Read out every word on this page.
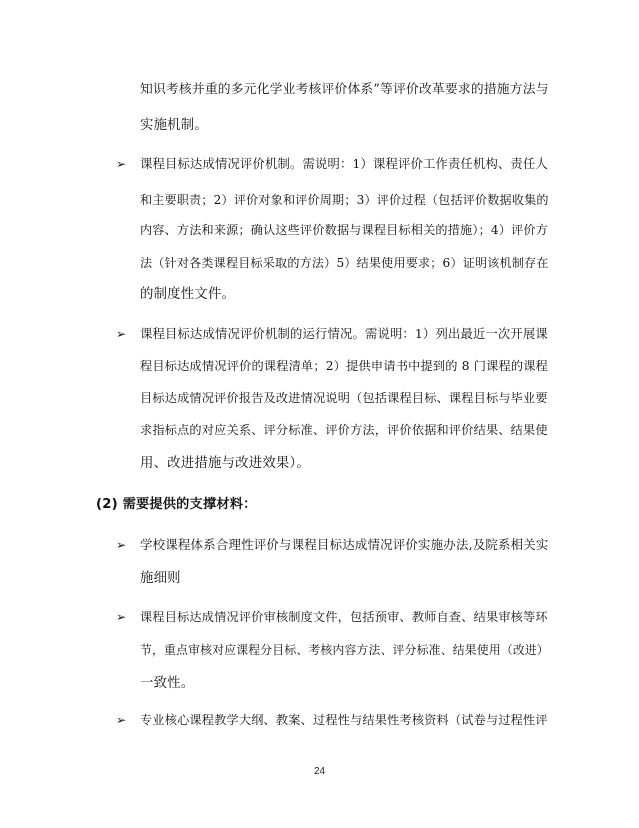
知识考核并重的多元化学业考核评价体系”等评价改革要求的措施方法与
实施机制。
➢ 课程目标达成情况评价机制。需说明：1）课程评价工作责任机构、责任人
和主要职责；2）评价对象和评价周期；3）评价过程（包括评价数据收集的
内容、方法和来源；确认这些评价数据与课程目标相关的措施）；4）评价方
法（针对各类课程目标采取的方法）5）结果使用要求；6）证明该机制存在
的制度性文件。
➢ 课程目标达成情况评价机制的运行情况。需说明：1）列出最近一次开展课
程目标达成情况评价的课程清单；2）提供申请书中提到的 8 门课程的课程
目标达成情况评价报告及改进情况说明（包括课程目标、课程目标与毕业要
求指标点的对应关系、评分标准、评价方法，评价依据和评价结果、结果使
用、改进措施与改进效果）。
(2) 需要提供的支撑材料：
➢ 学校课程体系合理性评价与课程目标达成情况评价实施办法,及院系相关实
施细则
➢ 课程目标达成情况评价审核制度文件，包括预审、教师自查、结果审核等环
节，重点审核对应课程分目标、考核内容方法、评分标准、结果使用（改进）
一致性。
➢ 专业核心课程教学大纲、教案、过程性与结果性考核资料（试卷与过程性评
24
